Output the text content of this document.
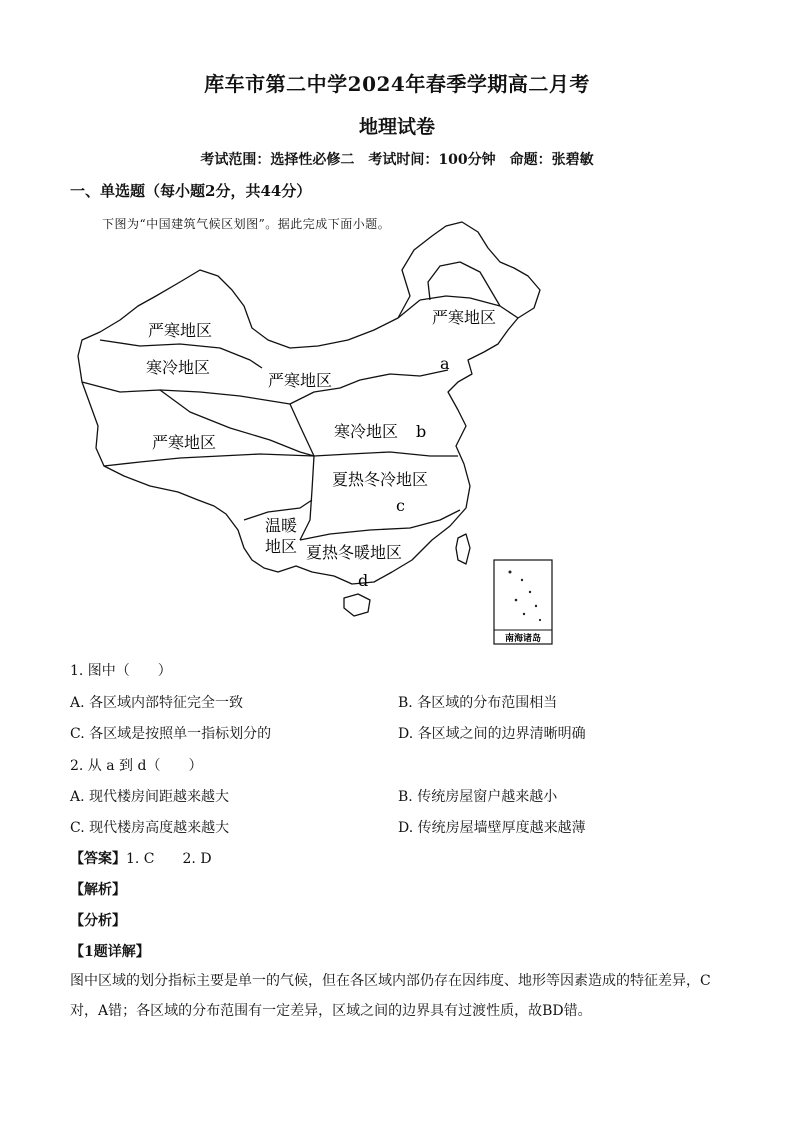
库车市第二中学2024年春季学期高二月考
地理试卷
考试范围：选择性必修二　考试时间：100分钟　命题：张碧敏
一、单选题（每小题2分，共44分）
下图为“中国建筑气候区划图”。据此完成下面小题。
南海诸岛
严寒地区
寒冷地区
严寒地区
严寒地区
严寒地区
寒冷地区
夏热冬冷地区
温暖
地区 夏热冬暖地区
a
b
c
d
1. 图中（　　）
A. 各区域内部特征完全一致	B. 各区域的分布范围相当
C. 各区域是按照单一指标划分的	D. 各区域之间的边界清晰明确
2. 从 a 到 d（　　）
A. 现代楼房间距越来越大	B. 传统房屋窗户越来越小
C. 现代楼房高度越来越大	D. 传统房屋墙壁厚度越来越薄
【答案】1. C　　2. D
【解析】
【分析】
【1题详解】
图中区域的划分指标主要是单一的气候，但在各区域内部仍存在因纬度、地形等因素造成的特征差异，C对，A错；各区域的分布范围有一定差异，区域之间的边界具有过渡性质，故BD错。
